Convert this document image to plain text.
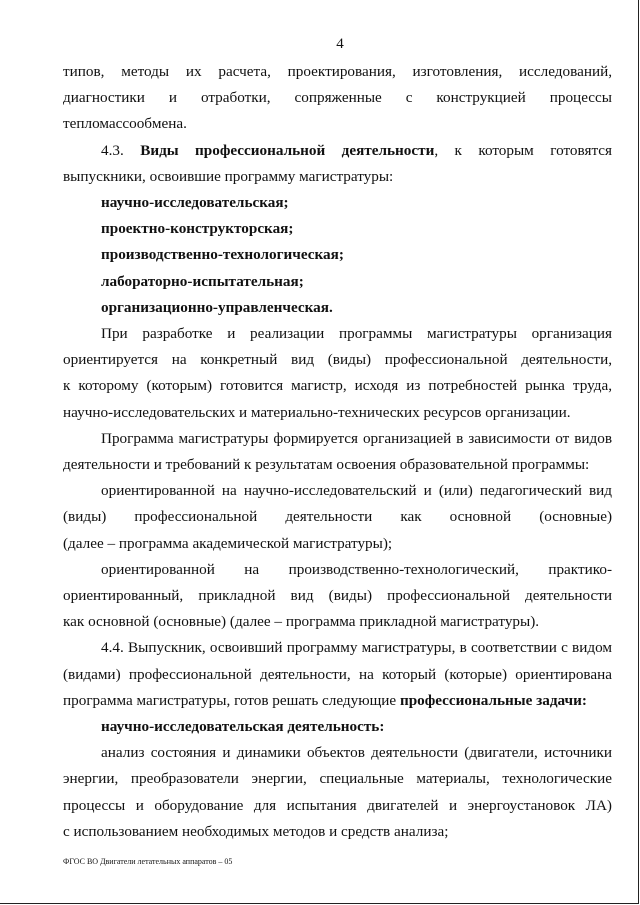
4

типов, методы их расчета, проектирования, изготовления, исследований,

диагностики и отработки, сопряженные с конструкцией процессы

тепломассообмена.

4.3. Виды профессиональной деятельности, к которым готовятся

выпускники, освоившие программу магистратуры:

научно-исследовательская;

проектно-конструкторская;

производственно-технологическая;

лабораторно-испытательная;

организационно-управленческая.

При разработке и реализации программы магистратуры организация

ориентируется на конкретный вид (виды) профессиональной деятельности,

к которому (которым) готовится магистр, исходя из потребностей рынка труда,

научно-исследовательских и материально-технических ресурсов организации.

Программа магистратуры формируется организацией в зависимости от видов

деятельности и требований к результатам освоения образовательной программы:

ориентированной на научно-исследовательский и (или) педагогический вид

(виды) профессиональной деятельности как основной (основные)

(далее – программа академической магистратуры);

ориентированной на производственно-технологический, практико-

ориентированный, прикладной вид (виды) профессиональной деятельности

как основной (основные) (далее – программа прикладной магистратуры).

4.4. Выпускник, освоивший программу магистратуры, в соответствии с видом

(видами) профессиональной деятельности, на который (которые) ориентирована

программа магистратуры, готов решать следующие профессиональные задачи:

научно-исследовательская деятельность:

анализ состояния и динамики объектов деятельности (двигатели, источники

энергии, преобразователи энергии, специальные материалы, технологические

процессы и оборудование для испытания двигателей и энергоустановок ЛА)

с использованием необходимых методов и средств анализа;

ФГОС ВО Двигатели летательных аппаратов – 05
